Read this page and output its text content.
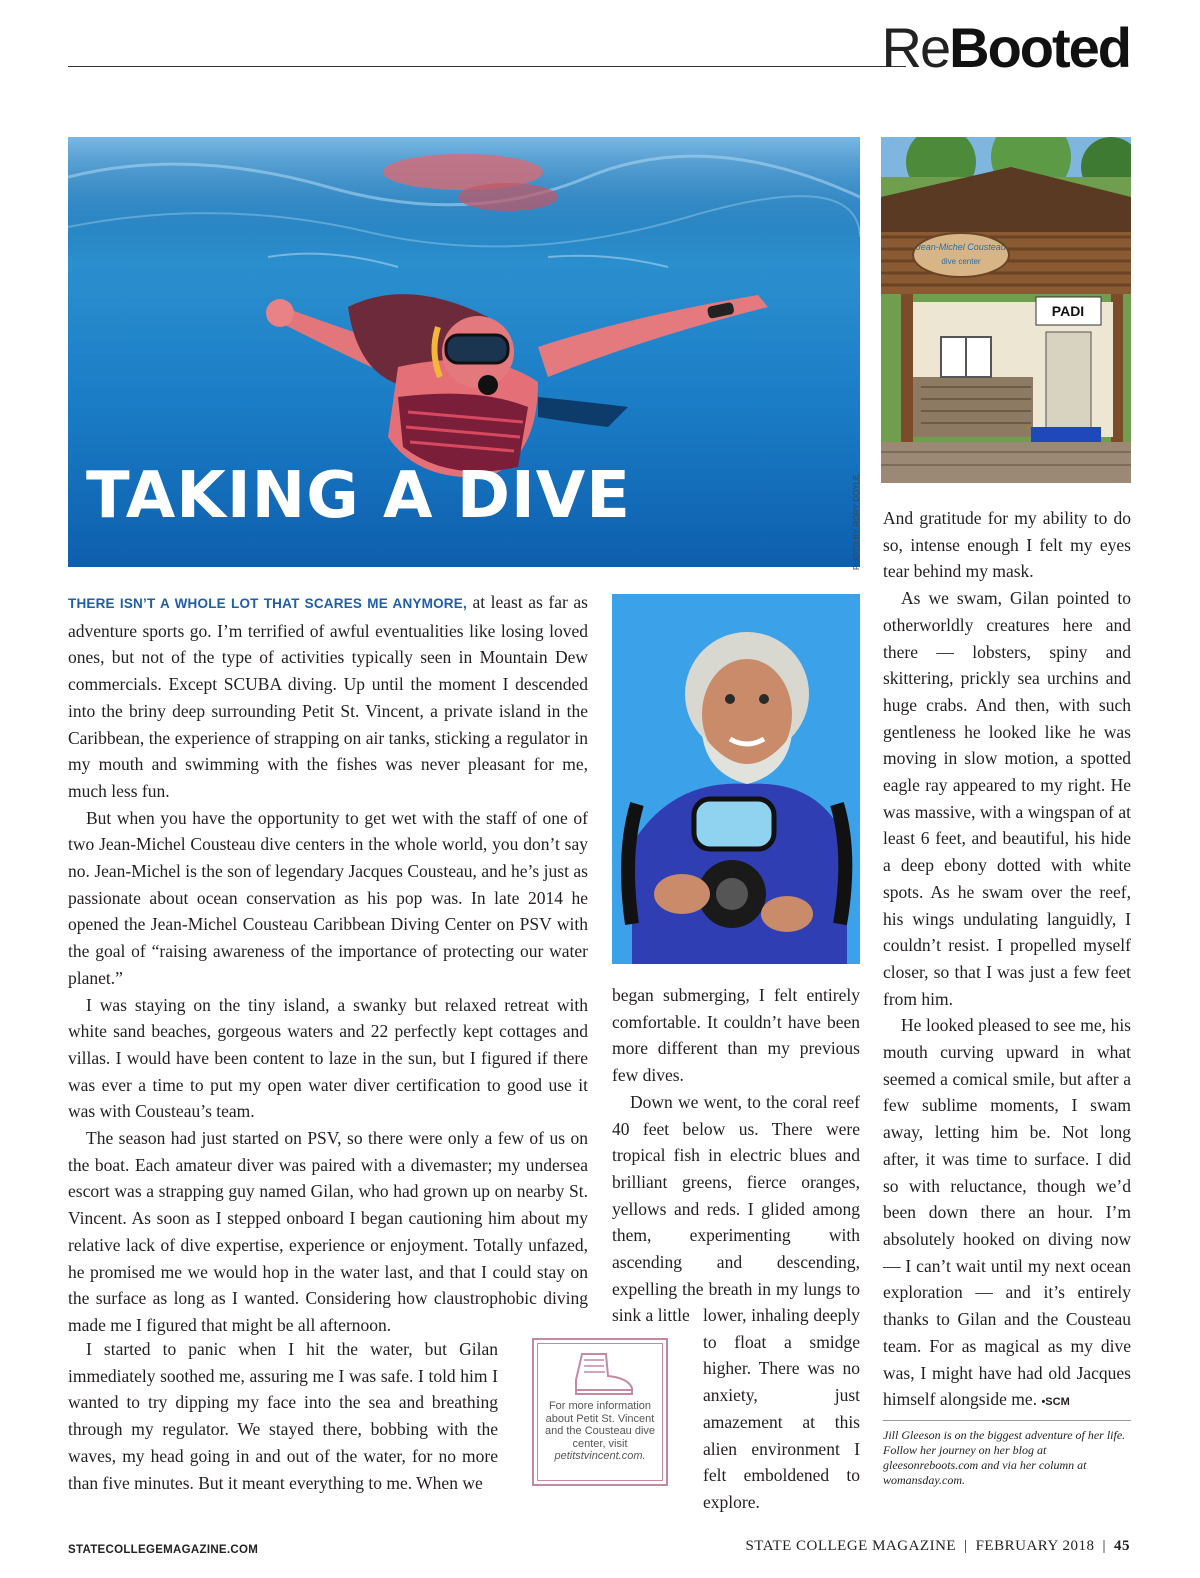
ReBooted
TAKING A DIVE	PHOTO BY RORY DOYLE
Jean-Michel Cousteau
dive center
PADI

THERE ISN’T A WHOLE LOT THAT SCARES ME ANYMORE, at least as far as adventure sports go. I’m terrified of awful eventualities like losing loved ones, but not of the type of activities typically seen in Mountain Dew commercials. Except SCUBA diving. Up until the moment I descended into the briny deep surrounding Petit St. Vincent, a private island in the Caribbean, the experience of strapping on air tanks, sticking a regulator in my mouth and swimming with the fishes was never pleasant for me, much less fun.

But when you have the opportunity to get wet with the staff of one of two Jean-Michel Cousteau dive centers in the whole world, you don’t say no. Jean-Michel is the son of legendary Jacques Cousteau, and he’s just as passionate about ocean conservation as his pop was. In late 2014 he opened the Jean-Michel Cousteau Caribbean Diving Center on PSV with the goal of “raising awareness of the importance of protecting our water planet.”

I was staying on the tiny island, a swanky but relaxed retreat with white sand beaches, gorgeous waters and 22 perfectly kept cottages and villas. I would have been content to laze in the sun, but I figured if there was ever a time to put my open water diver certification to good use it was with Cousteau’s team.

The season had just started on PSV, so there were only a few of us on the boat. Each amateur diver was paired with a divemaster; my undersea escort was a strapping guy named Gilan, who had grown up on nearby St. Vincent. As soon as I stepped onboard I began cautioning him about my relative lack of dive expertise, experience or enjoyment. Totally unfazed, he promised me we would hop in the water last, and that I could stay on the surface as long as I wanted. Considering how claustrophobic diving made me I figured that might be all afternoon.

I started to panic when I hit the water, but Gilan immediately soothed me, assuring me I was safe. I told him I wanted to try dipping my face into the sea and breathing through my regulator. We stayed there, bobbing with the waves, my head going in and out of the water, for no more than five minutes. But it meant everything to me. When we

For more information about Petit St. Vincent and the Cousteau dive center, visit
petitstvincent.com.

began submerging, I felt entirely comfortable. It couldn’t have been more different than my previous few dives.

Down we went, to the coral reef 40 feet below us. There were tropical fish in electric blues and brilliant greens, fierce oranges, yellows and reds. I glided among them, experimenting with ascending and descending, expelling the breath in my lungs to sink a little lower, inhaling deeply to float a smidge higher. There was no anxiety, just amazement at this alien environment I felt emboldened to explore.

And gratitude for my ability to do so, intense enough I felt my eyes tear behind my mask.

As we swam, Gilan pointed to otherworldly creatures here and there — lobsters, spiny and skittering, prickly sea urchins and huge crabs. And then, with such gentleness he looked like he was moving in slow motion, a spotted eagle ray appeared to my right. He was massive, with a wingspan of at least 6 feet, and beautiful, his hide a deep ebony dotted with white spots. As he swam over the reef, his wings undulating languidly, I couldn’t resist. I propelled myself closer, so that I was just a few feet from him.

He looked pleased to see me, his mouth curving upward in what seemed a comical smile, but after a few sublime moments, I swam away, letting him be. Not long after, it was time to surface. I did so with reluctance, though we’d been down there an hour. I’m absolutely hooked on diving now — I can’t wait until my next ocean exploration — and it’s entirely thanks to Gilan and the Cousteau team. For as magical as my dive was, I might have had old Jacques himself alongside me. •SCM

Jill Gleeson is on the biggest adventure of her life. Follow her journey on her blog at gleesonreboots.com and via her column at womansday.com.
STATECOLLEGEMAGAZINE.COM	STATE COLLEGE MAGAZINE | FEBRUARY 2018 | 45
